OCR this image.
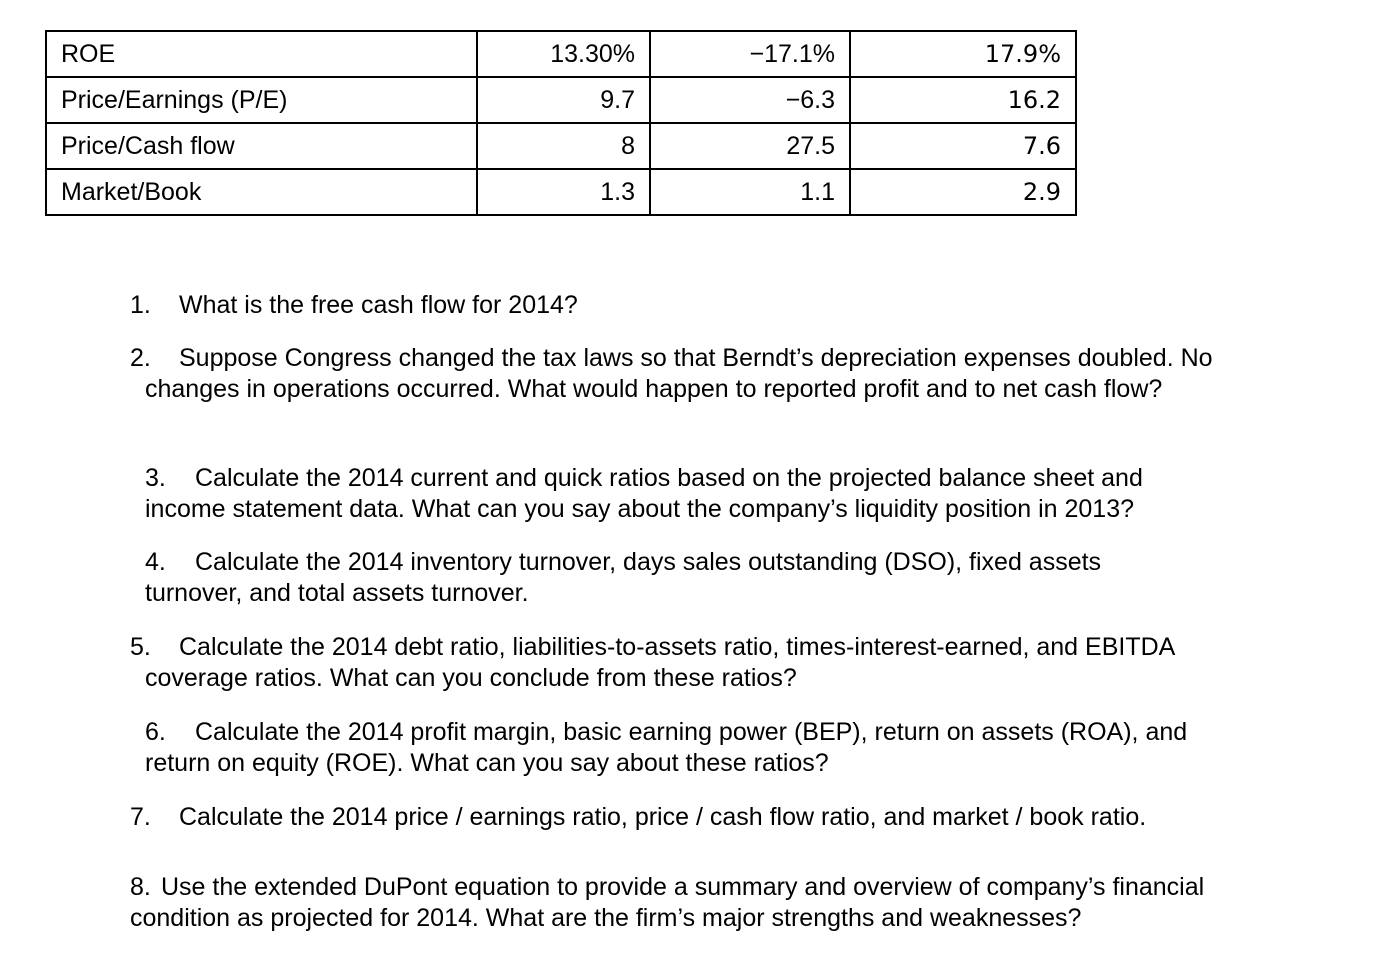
ROE	13.30%	−17.1%	17.9%
Price/Earnings (P/E)	9.7	−6.3	16.2
Price/Cash flow	8	27.5	7.6
Market/Book	1.3	1.1	2.9

1. What is the free cash flow for 2014?

2. Suppose Congress changed the tax laws so that Berndt’s depreciation expenses doubled. No
changes in operations occurred. What would happen to reported profit and to net cash flow?

3. Calculate the 2014 current and quick ratios based on the projected balance sheet and
income statement data. What can you say about the company’s liquidity position in 2013?

4. Calculate the 2014 inventory turnover, days sales outstanding (DSO), fixed assets
turnover, and total assets turnover.

5. Calculate the 2014 debt ratio, liabilities-to-assets ratio, times-interest-earned, and EBITDA
coverage ratios. What can you conclude from these ratios?

6. Calculate the 2014 profit margin, basic earning power (BEP), return on assets (ROA), and
return on equity (ROE). What can you say about these ratios?

7. Calculate the 2014 price / earnings ratio, price / cash flow ratio, and market / book ratio.

8. Use the extended DuPont equation to provide a summary and overview of company’s financial
condition as projected for 2014. What are the firm’s major strengths and weaknesses?
